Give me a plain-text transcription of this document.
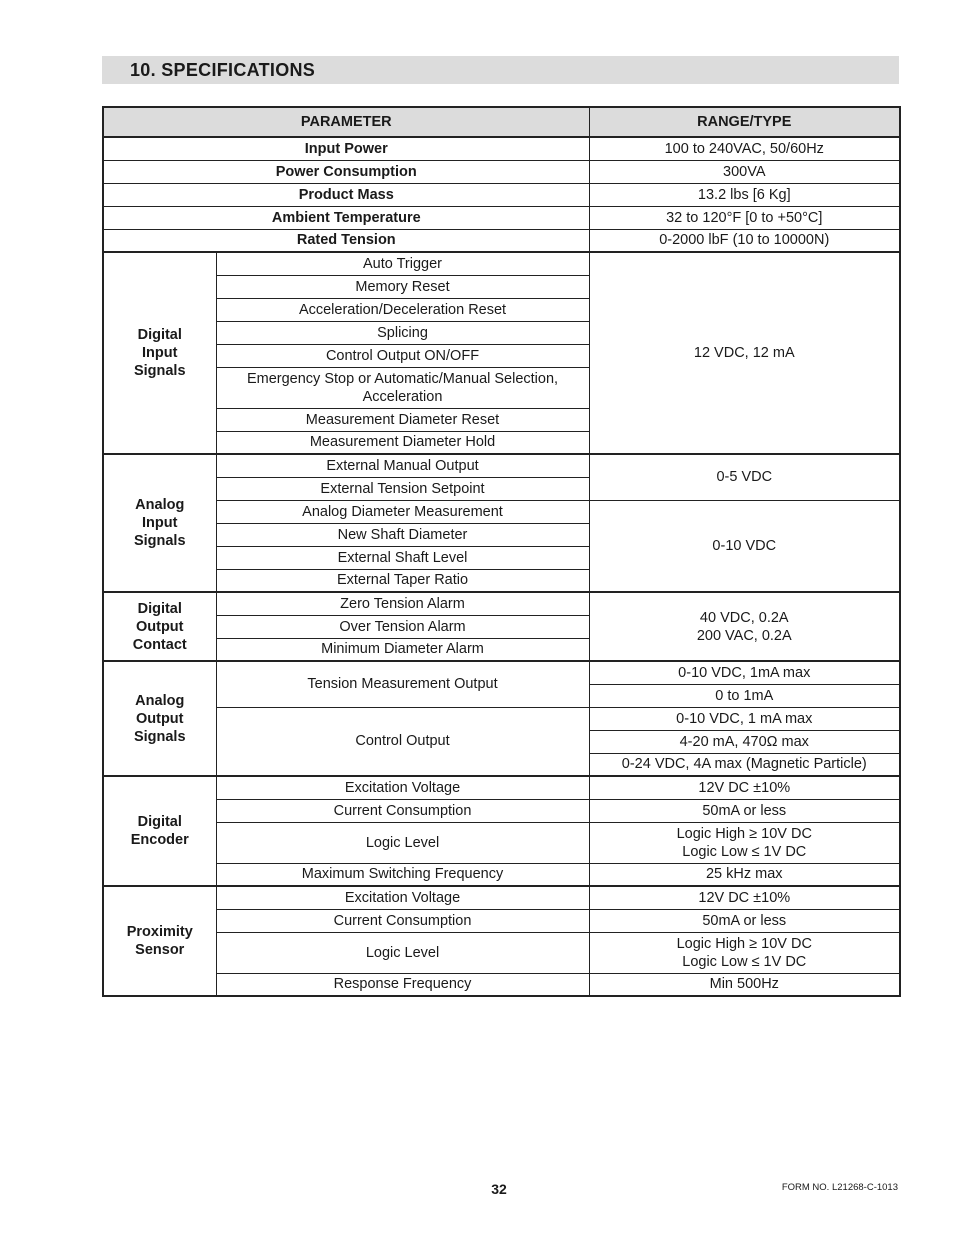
10. SPECIFICATIONS
PARAMETER		RANGE/TYPE
Input Power		100 to 240VAC, 50/60Hz
Power Consumption		300VA
Product Mass		13.2 lbs [6 Kg]
Ambient Temperature		32 to 120°F [0 to +50°C]
Rated Tension		0-2000 lbF (10 to 10000N)
Digital
Input
Signals	Auto Trigger	12 VDC, 12 mA
	Memory Reset	
	Acceleration/Deceleration Reset	
	Splicing	
	Control Output ON/OFF	
	Emergency Stop or Automatic/Manual Selection, Acceleration	
	Measurement Diameter Reset	
	Measurement Diameter Hold	
Analog
Input
Signals	External Manual Output	0-5 VDC
	External Tension Setpoint	
	Analog Diameter Measurement	0-10 VDC
	New Shaft Diameter	
	External Shaft Level	
	External Taper Ratio	
Digital
Output
Contact	Zero Tension Alarm	40 VDC, 0.2A
200 VAC, 0.2A
	Over Tension Alarm	
	Minimum Diameter Alarm	
Analog
Output
Signals	Tension Measurement Output	0-10 VDC, 1mA max
		0 to 1mA
	Control Output	0-10 VDC, 1 mA max
		4-20 mA, 470Ω max
		0-24 VDC, 4A max (Magnetic Particle)
Digital
Encoder	Excitation Voltage	12V DC ±10%
	Current Consumption	50mA or less
	Logic Level	Logic High ≥ 10V DC
Logic Low ≤ 1V DC
	Maximum Switching Frequency	25 kHz max
Proximity
Sensor	Excitation Voltage	12V DC ±10%
	Current Consumption	50mA or less
	Logic Level	Logic High ≥ 10V DC
Logic Low ≤ 1V DC
	Response Frequency	Min 500Hz
32	FORM NO. L21268-C-1013
